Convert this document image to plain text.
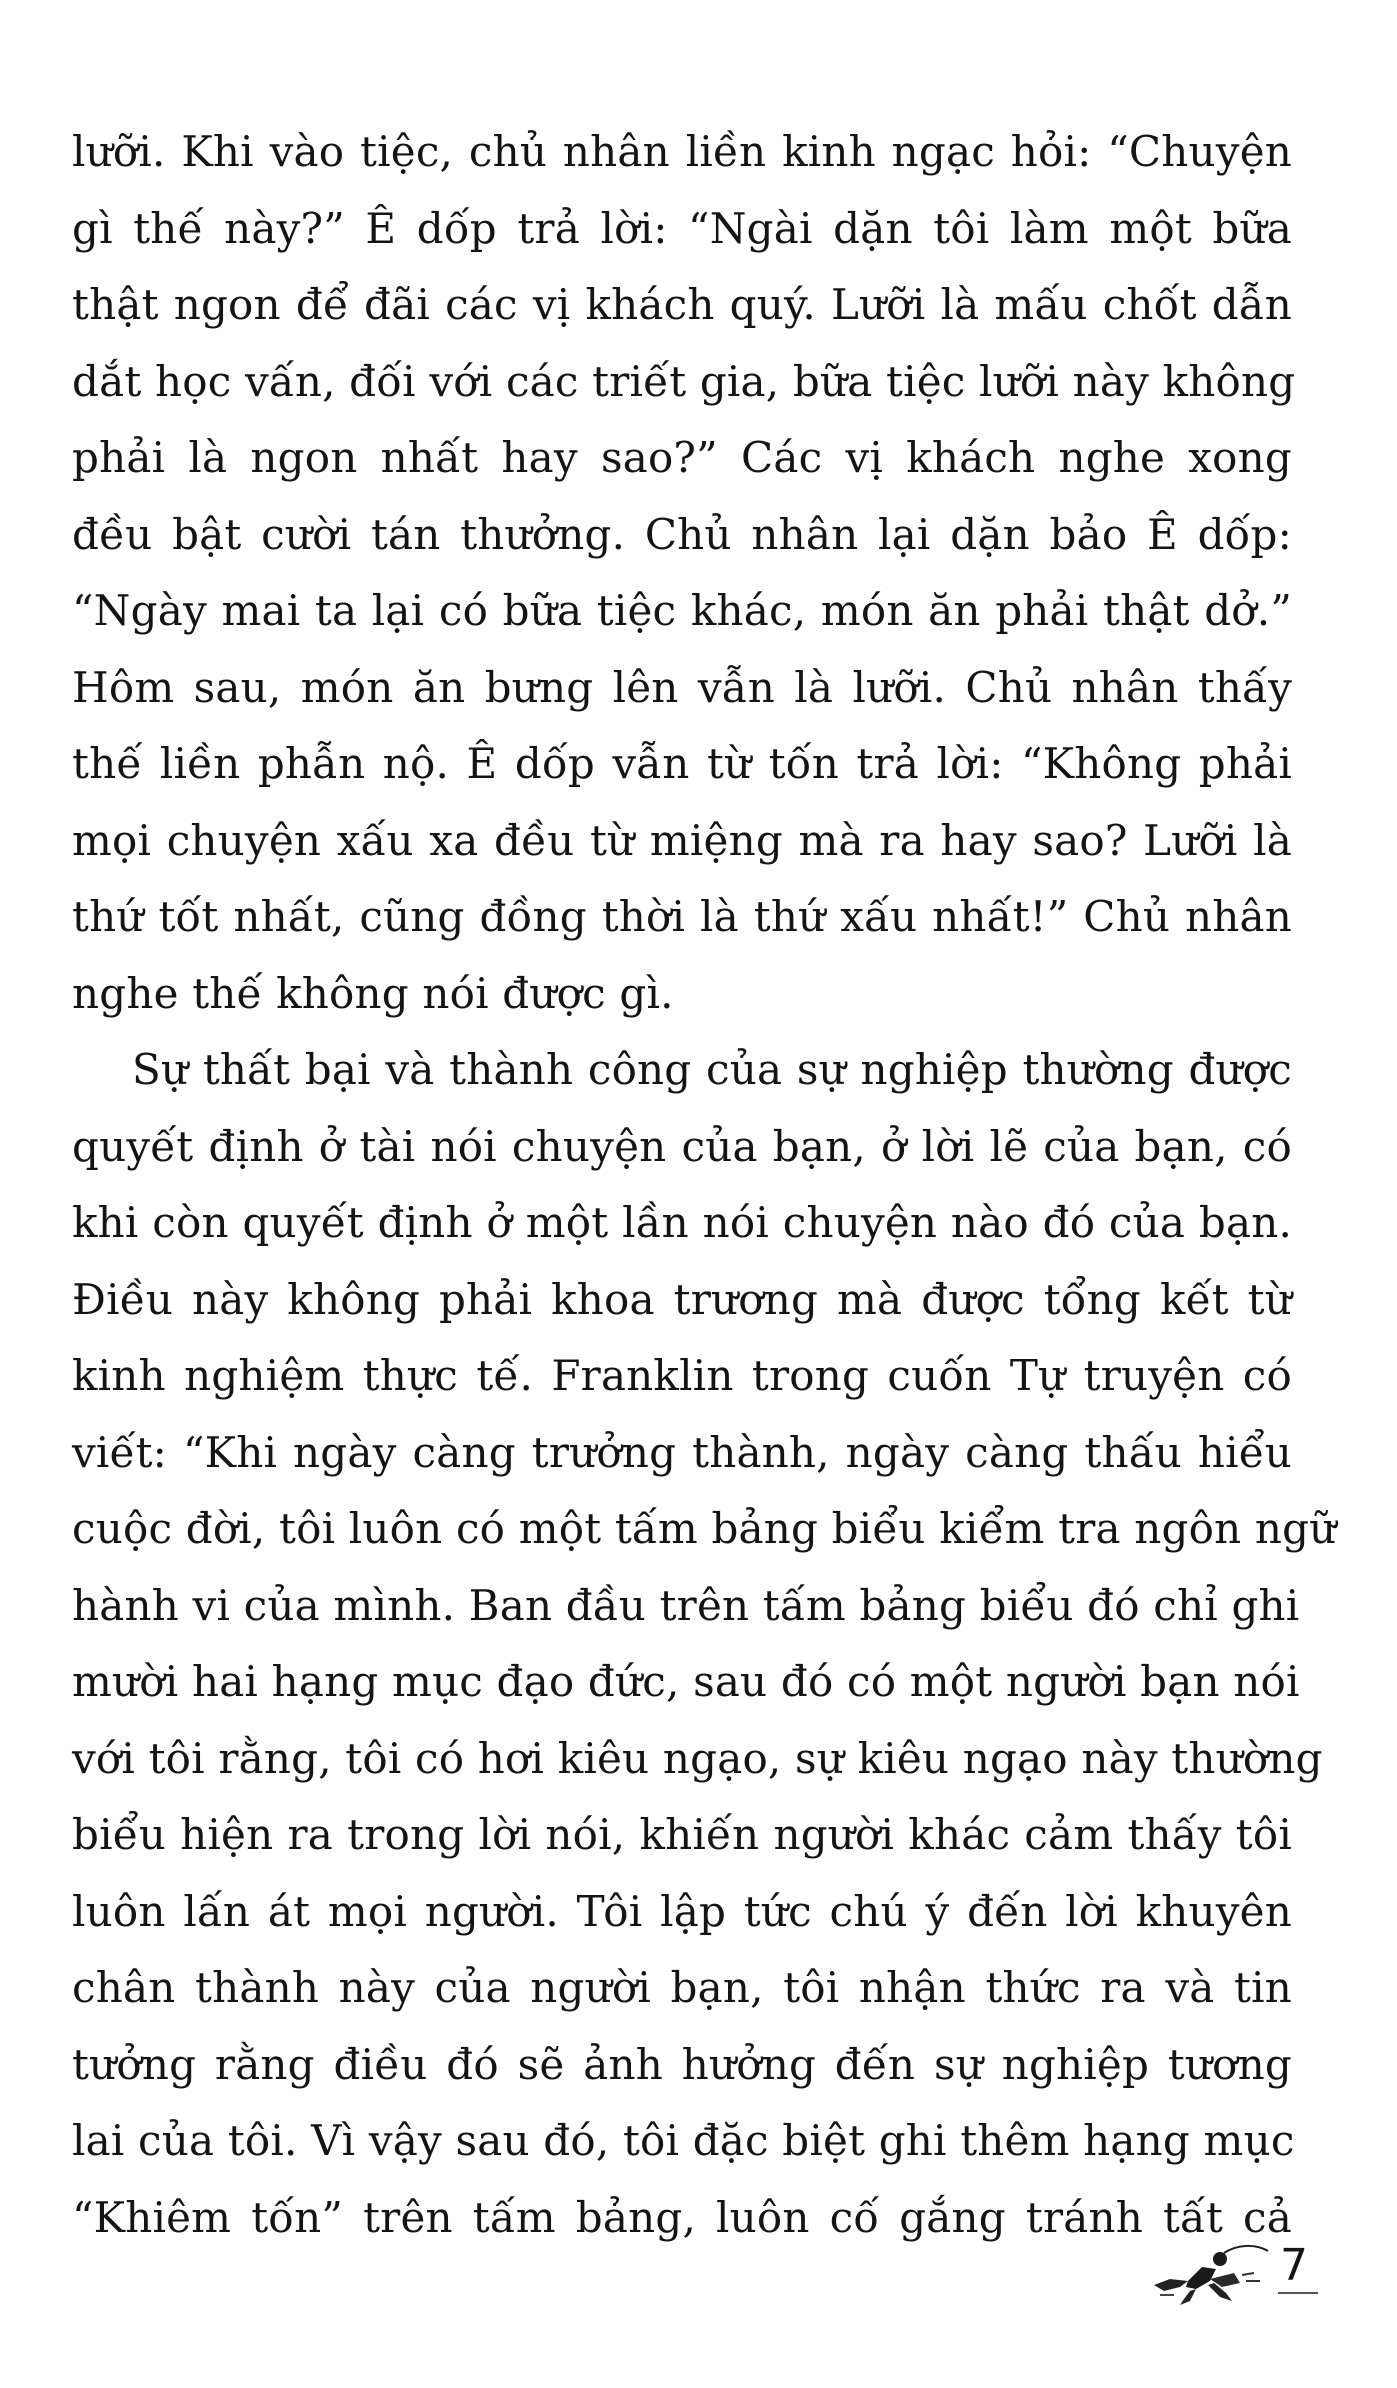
lưỡi. Khi vào tiệc, chủ nhân liền kinh ngạc hỏi: “Chuyện
gì thế này?” Ê dốp trả lời: “Ngài dặn tôi làm một bữa
thật ngon để đãi các vị khách quý. Lưỡi là mấu chốt dẫn
dắt học vấn, đối với các triết gia, bữa tiệc lưỡi này không
phải là ngon nhất hay sao?” Các vị khách nghe xong
đều bật cười tán thưởng. Chủ nhân lại dặn bảo Ê dốp:
“Ngày mai ta lại có bữa tiệc khác, món ăn phải thật dở.”
Hôm sau, món ăn bưng lên vẫn là lưỡi. Chủ nhân thấy
thế liền phẫn nộ. Ê dốp vẫn từ tốn trả lời: “Không phải
mọi chuyện xấu xa đều từ miệng mà ra hay sao? Lưỡi là
thứ tốt nhất, cũng đồng thời là thứ xấu nhất!” Chủ nhân
nghe thế không nói được gì.
Sự thất bại và thành công của sự nghiệp thường được
quyết định ở tài nói chuyện của bạn, ở lời lẽ của bạn, có
khi còn quyết định ở một lần nói chuyện nào đó của bạn.
Điều này không phải khoa trương mà được tổng kết từ
kinh nghiệm thực tế. Franklin trong cuốn Tự truyện có
viết: “Khi ngày càng trưởng thành, ngày càng thấu hiểu
cuộc đời, tôi luôn có một tấm bảng biểu kiểm tra ngôn ngữ
hành vi của mình. Ban đầu trên tấm bảng biểu đó chỉ ghi
mười hai hạng mục đạo đức, sau đó có một người bạn nói
với tôi rằng, tôi có hơi kiêu ngạo, sự kiêu ngạo này thường
biểu hiện ra trong lời nói, khiến người khác cảm thấy tôi
luôn lấn át mọi người. Tôi lập tức chú ý đến lời khuyên
chân thành này của người bạn, tôi nhận thức ra và tin
tưởng rằng điều đó sẽ ảnh hưởng đến sự nghiệp tương
lai của tôi. Vì vậy sau đó, tôi đặc biệt ghi thêm hạng mục
“Khiêm tốn” trên tấm bảng, luôn cố gắng tránh tất cả
7
